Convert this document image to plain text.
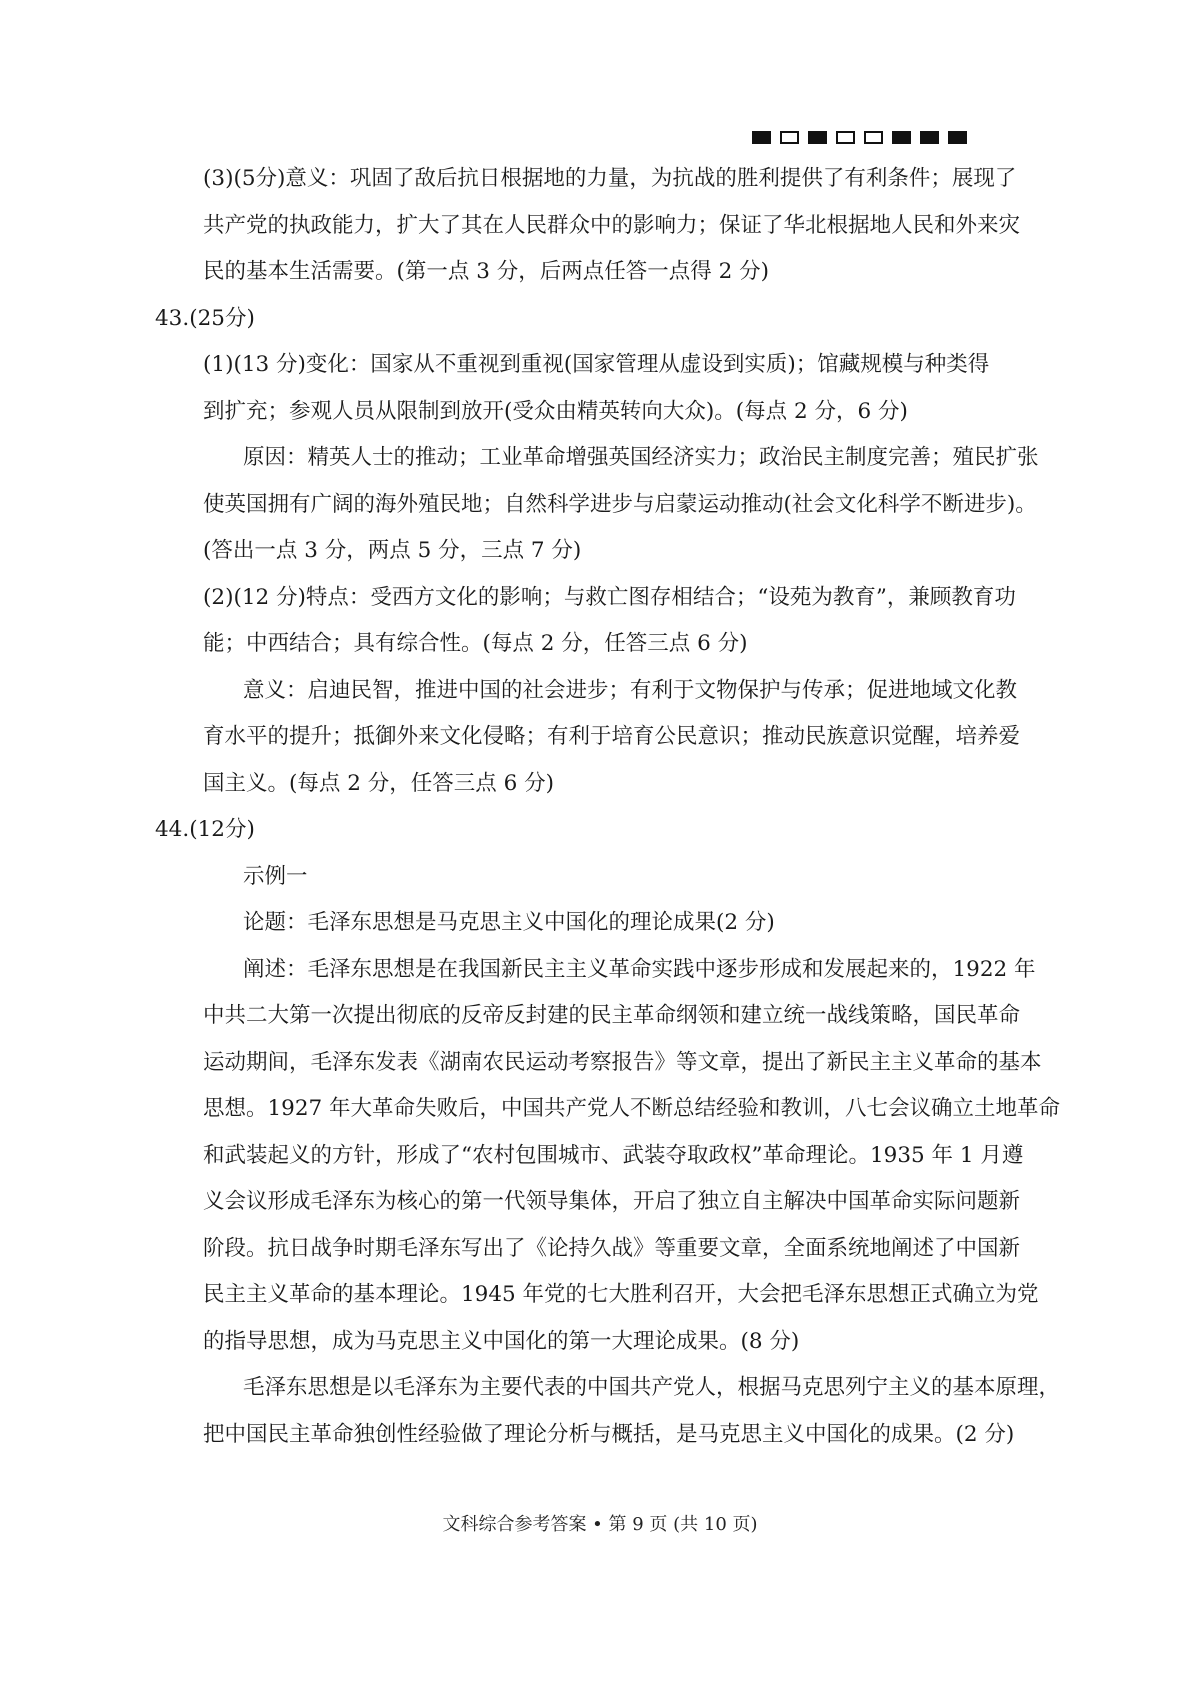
(3)(5分)意义：巩固了敌后抗日根据地的力量，为抗战的胜利提供了有利条件；展现了
共产党的执政能力，扩大了其在人民群众中的影响力；保证了华北根据地人民和外来灾
民的基本生活需要。(第一点 3 分，后两点任答一点得 2 分)
43.(25分)
(1)(13 分)变化：国家从不重视到重视(国家管理从虚设到实质)；馆藏规模与种类得
到扩充；参观人员从限制到放开(受众由精英转向大众)。(每点 2 分，6 分)
原因：精英人士的推动；工业革命增强英国经济实力；政治民主制度完善；殖民扩张
使英国拥有广阔的海外殖民地；自然科学进步与启蒙运动推动(社会文化科学不断进步)。
(答出一点 3 分，两点 5 分，三点 7 分)
(2)(12 分)特点：受西方文化的影响；与救亡图存相结合；“设苑为教育”，兼顾教育功
能；中西结合；具有综合性。(每点 2 分，任答三点 6 分)
意义：启迪民智，推进中国的社会进步；有利于文物保护与传承；促进地域文化教
育水平的提升；抵御外来文化侵略；有利于培育公民意识；推动民族意识觉醒，培养爱
国主义。(每点 2 分，任答三点 6 分)
44.(12分)
示例一
论题：毛泽东思想是马克思主义中国化的理论成果(2 分)
阐述：毛泽东思想是在我国新民主主义革命实践中逐步形成和发展起来的，1922 年
中共二大第一次提出彻底的反帝反封建的民主革命纲领和建立统一战线策略，国民革命
运动期间，毛泽东发表《湖南农民运动考察报告》等文章，提出了新民主主义革命的基本
思想。1927 年大革命失败后，中国共产党人不断总结经验和教训，八七会议确立土地革命
和武装起义的方针，形成了“农村包围城市、武装夺取政权”革命理论。1935 年 1 月遵
义会议形成毛泽东为核心的第一代领导集体，开启了独立自主解决中国革命实际问题新
阶段。抗日战争时期毛泽东写出了《论持久战》等重要文章，全面系统地阐述了中国新
民主主义革命的基本理论。1945 年党的七大胜利召开，大会把毛泽东思想正式确立为党
的指导思想，成为马克思主义中国化的第一大理论成果。(8 分)
毛泽东思想是以毛泽东为主要代表的中国共产党人，根据马克思列宁主义的基本原理，
把中国民主革命独创性经验做了理论分析与概括，是马克思主义中国化的成果。(2 分)
文科综合参考答案 • 第 9 页 (共 10 页)
